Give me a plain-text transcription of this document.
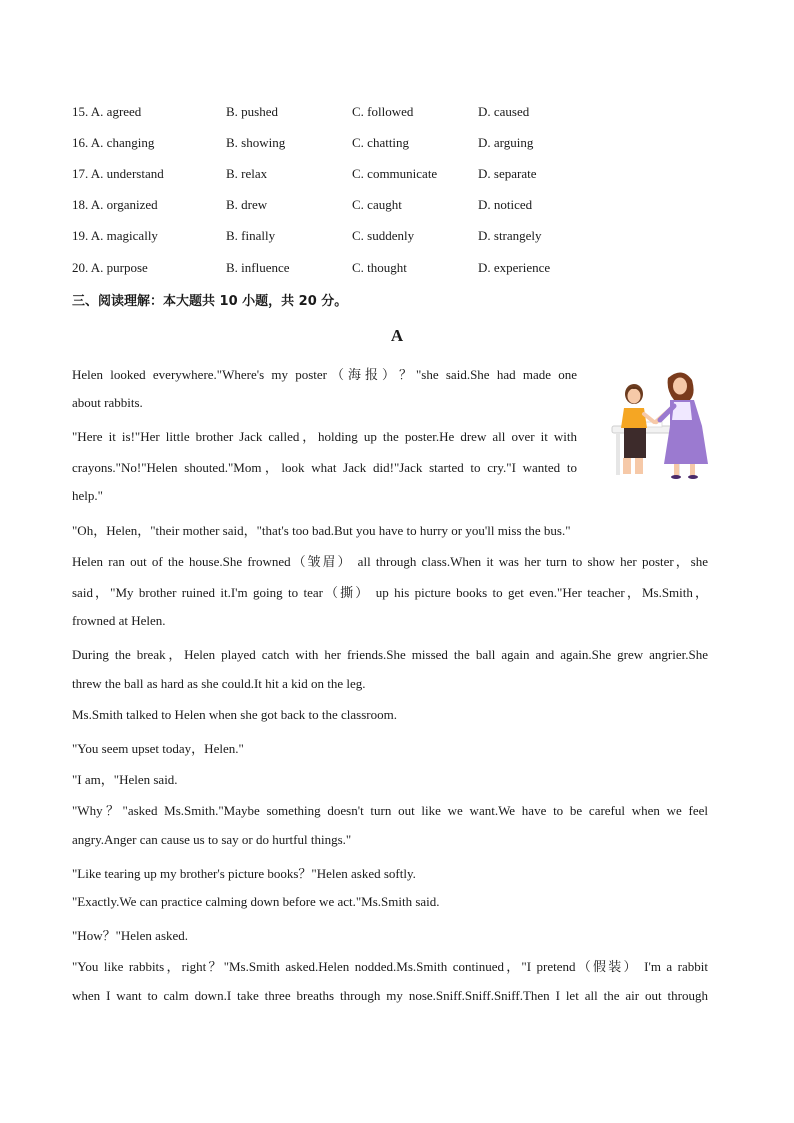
15. A. agreed	B. pushed	C. followed	D. caused
16. A. changing	B. showing	C. chatting	D. arguing
17. A. understand	B. relax	C. communicate	D. separate
18. A. organized	B. drew	C. caught	D. noticed
19. A. magically	B. finally	C. suddenly	D. strangely
20. A. purpose	B. influence	C. thought	D. experience
三、阅读理解：本大题共 10 小题，共 20 分。
A
Helen looked everywhere."Where's my poster（海报）？"she said.She had made one
about rabbits.
"Here it is!"Her little brother Jack called，holding up the poster.He drew all over it with
crayons."No!"Helen shouted."Mom，look what Jack did!"Jack started to cry."I wanted to
help."
"Oh，Helen，"their mother said，"that's too bad.But you have to hurry or you'll miss the bus."
Helen ran out of the house.She frowned（皱眉） all through class.When it was her turn to show her poster，she
said，"My brother ruined it.I'm going to tear（撕） up his picture books to get even."Her teacher，Ms.Smith，
frowned at Helen.
During the break，Helen played catch with her friends.She missed the ball again and again.She grew angrier.She
threw the ball as hard as she could.It hit a kid on the leg.
Ms.Smith talked to Helen when she got back to the classroom.
"You seem upset today，Helen."
"I am，"Helen said.
"Why？"asked Ms.Smith."Maybe something doesn't turn out like we want.We have to be careful when we feel
angry.Anger can cause us to say or do hurtful things."
"Like tearing up my brother's picture books？"Helen asked softly.
"Exactly.We can practice calming down before we act."Ms.Smith said.
"How？"Helen asked.
"You like rabbits，right？"Ms.Smith asked.Helen nodded.Ms.Smith continued，"I pretend（假装） I'm a rabbit
when I want to calm down.I take three breaths through my nose.Sniff.Sniff.Sniff.Then I let all the air out through
